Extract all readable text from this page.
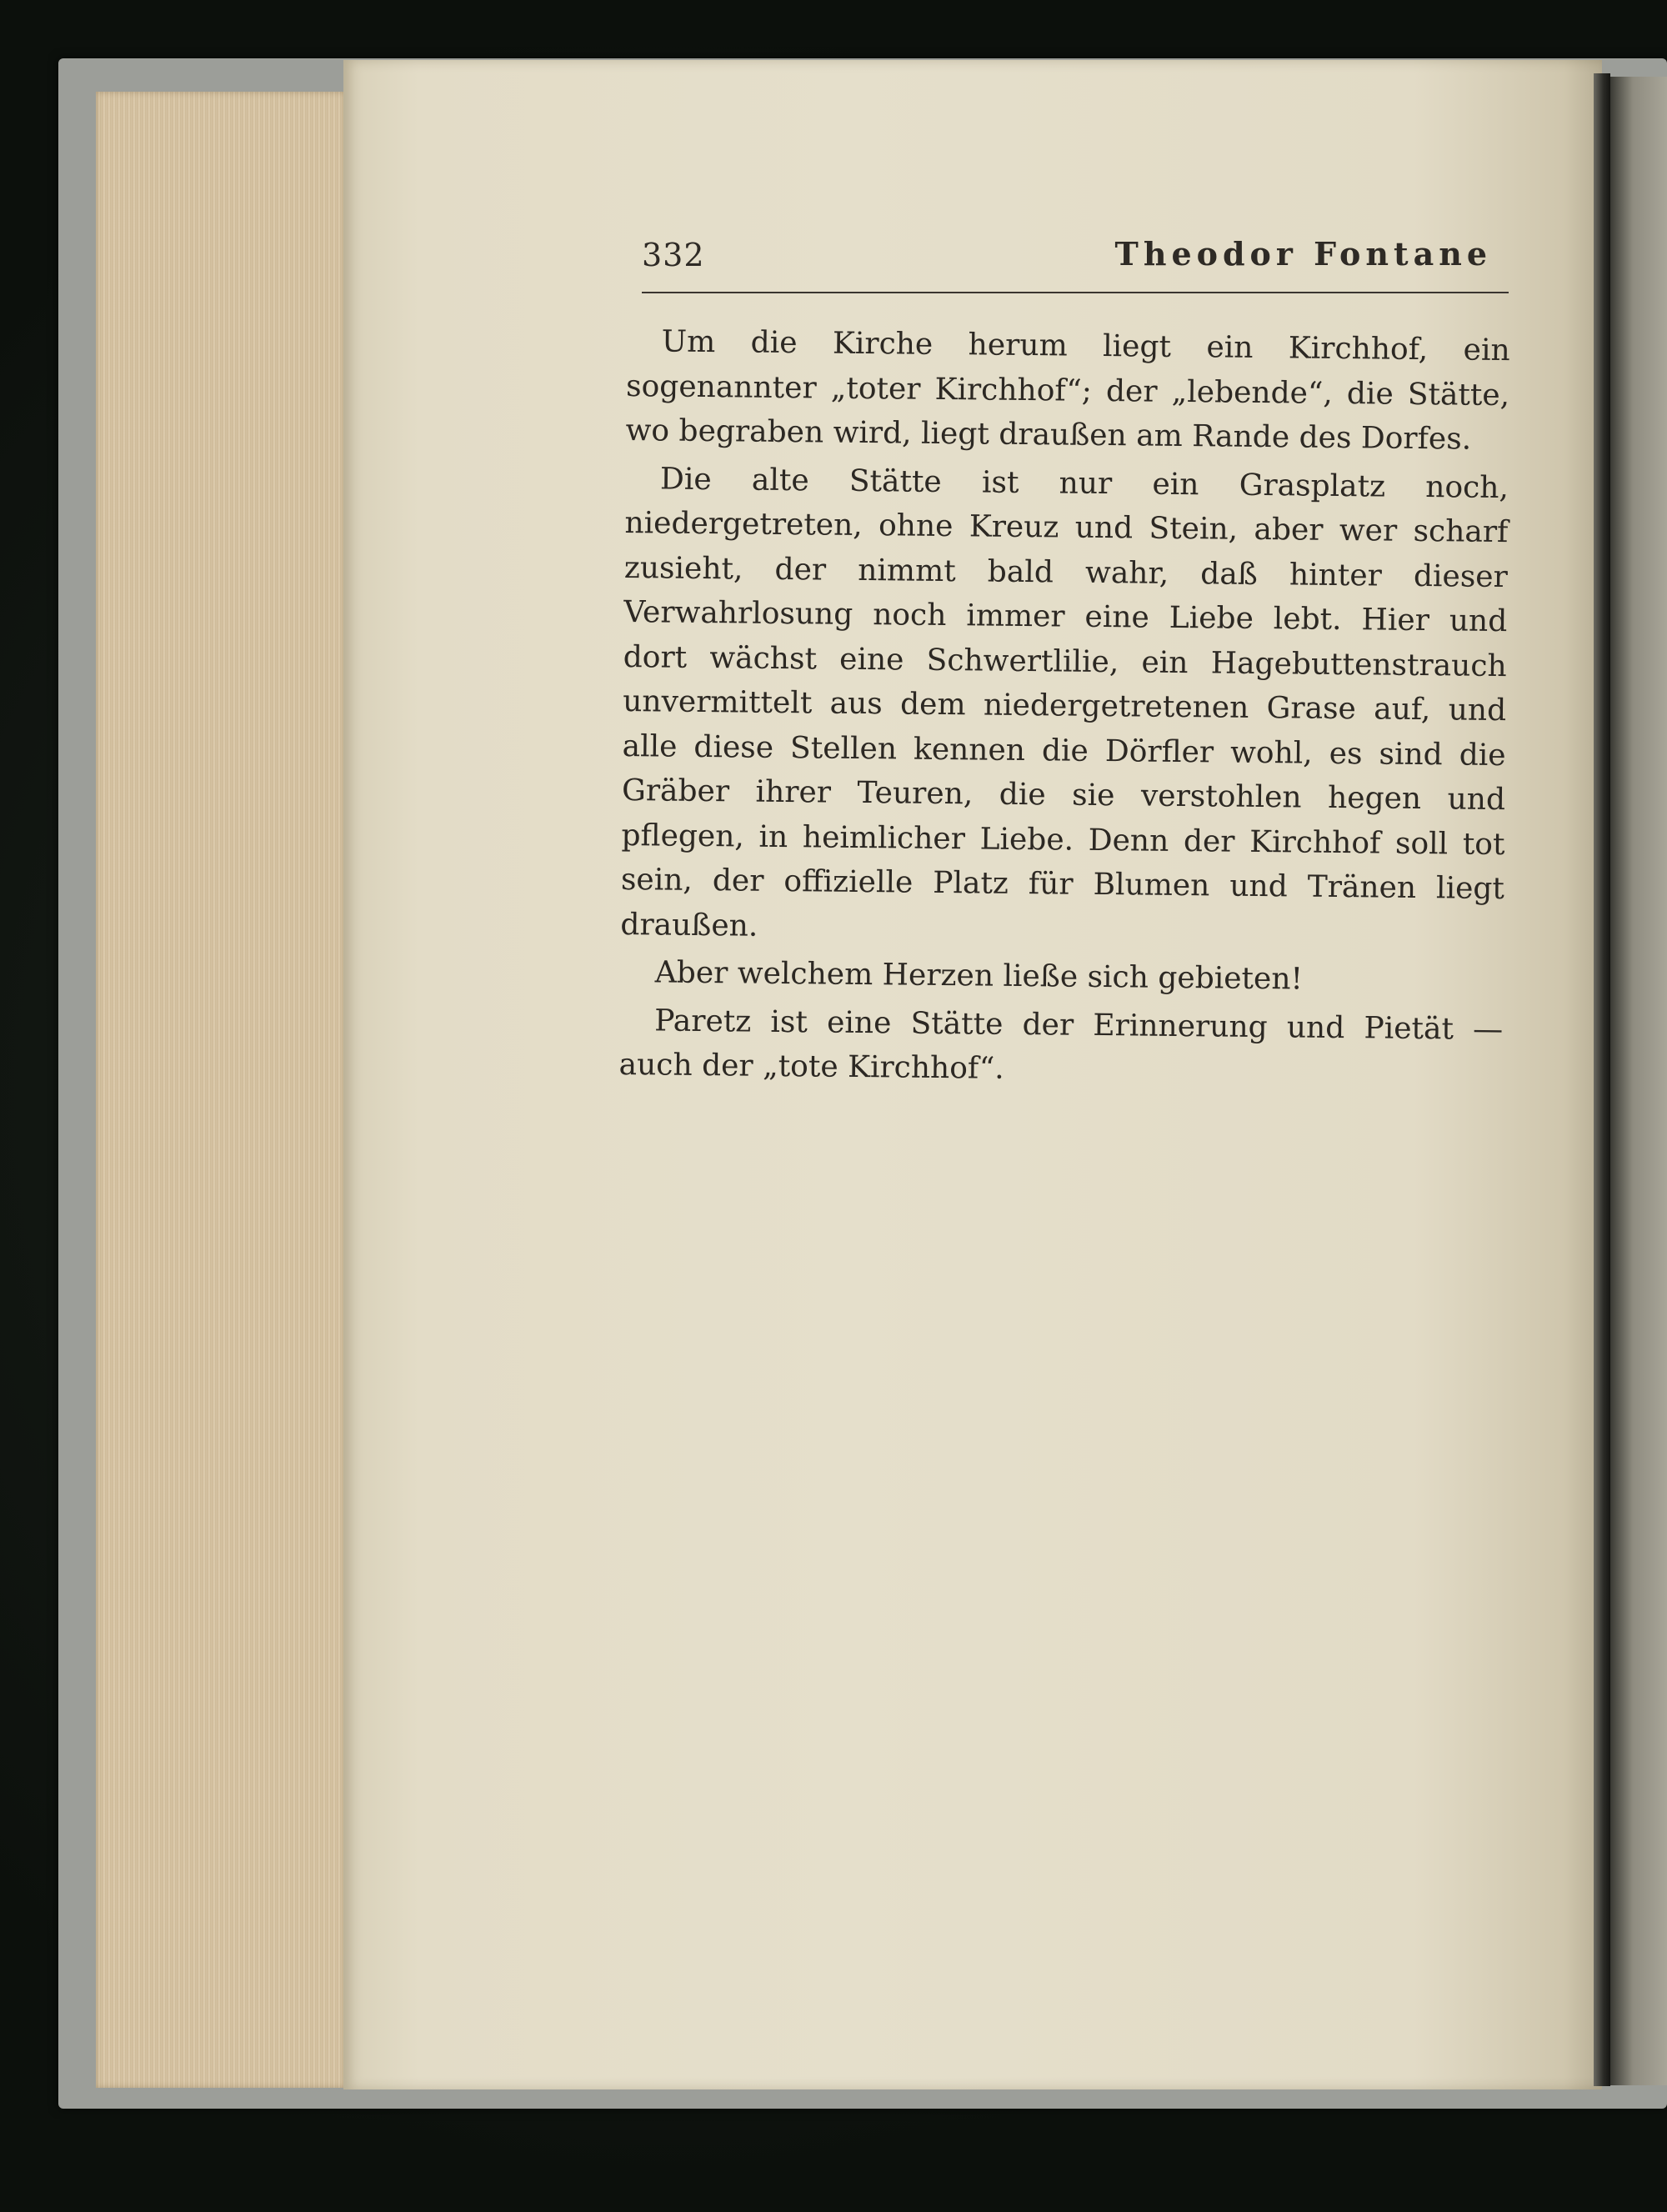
332	Theodor Fontane

Um die Kirche herum liegt ein Kirchhof, ein sogenannter „toter Kirchhof“; der „lebende“, die Stätte, wo begraben wird, liegt draußen am Rande des Dorfes.

Die alte Stätte ist nur ein Grasplatz noch, niedergetreten, ohne Kreuz und Stein, aber wer scharf zusieht, der nimmt bald wahr, daß hinter dieser Verwahrlosung noch immer eine Liebe lebt. Hier und dort wächst eine Schwertlilie, ein Hagebuttenstrauch unvermittelt aus dem niedergetretenen Grase auf, und alle diese Stellen kennen die Dörfler wohl, es sind die Gräber ihrer Teuren, die sie verstohlen hegen und pflegen, in heimlicher Liebe. Denn der Kirchhof soll tot sein, der offizielle Platz für Blumen und Tränen liegt draußen.

Aber welchem Herzen ließe sich gebieten!

Paretz ist eine Stätte der Erinnerung und Pietät — auch der „tote Kirchhof“.
